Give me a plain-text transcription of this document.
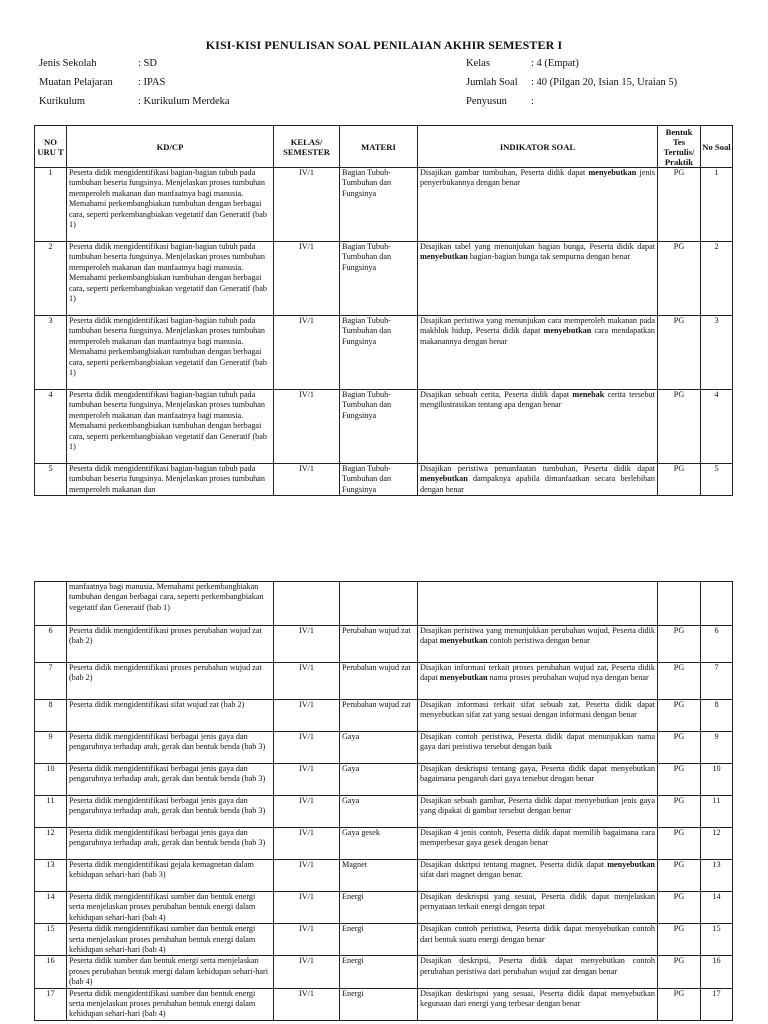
KISI-KISI PENULISAN SOAL PENILAIAN AKHIR SEMESTER I
Jenis Sekolah	: SD
Muatan Pelajaran : IPAS
Kurikulum	: Kurikulum Merdeka
Kelas	: 4 (Empat)
Jumlah Soal : 40 (Pilgan 20, Isian 15, Uraian 5)
Penyusun :
NO URU T	KD/CP	KELAS/ SEMESTER	MATERI	INDIKATOR SOAL	Bentuk Tes Tertulis/ Praktik	No Soal
1	Peserta didik mengidentifikasi bagian-bagian tubuh pada tumbuhan beserta fungsinya. Menjelaskan proses tumbuhan memperoleh makanan dan manfaatnya bagi manusia. Memahami perkembangbiakan tumbuhan dengan berbagai cara, seperti perkembangbiakan vegetatif dan Generatif (bab 1)	IV/1	Bagian Tubuh-Tumbuhan dan Fungsinya	Disajikan gambar tumbuhan, Peserta didik dapat menyebutkan jenis penyerbukannya dengan benar	PG	1
2	Peserta didik mengidentifikasi bagian-bagian tubuh pada tumbuhan beserta fungsinya. Menjelaskan proses tumbuhan memperoleh makanan dan manfaatnya bagi manusia. Memahami perkembangbiakan tumbuhan dengan berbagai cara, seperti perkembangbiakan vegetatif dan Generatif (bab 1)	IV/1	Bagian Tubuh-Tumbuhan dan Fungsinya	Disajikan tabel yang menunjukan bagian bunga, Peserta didik dapat menyebutkan bagian-bagian bunga tak sempurna dengan benar	PG	2
3	Peserta didik mengidentifikasi bagian-bagian tubuh pada tumbuhan beserta fungsinya. Menjelaskan proses tumbuhan memperoleh makanan dan manfaatnya bagi manusia. Memahami perkembangbiakan tumbuhan dengan berbagai cara, seperti perkembangbiakan vegetatif dan Generatif (bab 1)	IV/1	Bagian Tubuh-Tumbuhan dan Fungsinya	Disajikan peristiwa yang menunjukan cara memperoleh makanan pada makhluk hidup, Peserta didik dapat menyebutkan cara mendapatkan makanannya dengan benar	PG	3
4	Peserta didik mengidentifikasi bagian-bagian tubuh pada tumbuhan beserta fungsinya. Menjelaskan proses tumbuhan memperoleh makanan dan manfaatnya bagi manusia. Memahami perkembangbiakan tumbuhan dengan berbagai cara, seperti perkembangbiakan vegetatif dan Generatif (bab 1)	IV/1	Bagian Tubuh-Tumbuhan dan Fungsinya	Disajikan sebuah cerita, Peserta didik dapat menebak cerita tersebut mengilustrasikan tentang apa dengan benar	PG	4
5	Peserta didik mengidentifikasi bagian-bagian tubuh pada tumbuhan beserta fungsinya. Menjelaskan proses tumbuhan memperoleh makanan dan	IV/1	Bagian Tubuh-Tumbuhan dan Fungsinya	Disajikan peristiwa pemanfaatan tumbuhan, Peserta didik dapat menyebutkan dampaknya apabila dimanfaatkan secara berlebihan dengan benar	PG	5
	manfaatnya bagi manusia. Memahami perkembangbiakan tumbuhan dengan berbagai cara, seperti perkembangbiakan vegetatif dan Generatif (bab 1)					
6	Peserta didik mengidentifikasi proses perubahan wujud zat (bab 2)	IV/1	Perubahan wujud zat	Disajikan peristiwa yang menunjukkan perubahan wujud, Peserta didik dapat menyebutkan contoh peristiwa dengan benar	PG	6
7	Peserta didik mengidentifikasi proses perubahan wujud zat (bab 2)	IV/1	Perubahan wujud zat	Disajikan informasi terkait proses perubahan wujud zat, Peserta didik dapat menyebutkan nama proses perubahan wujud nya dengan benar	PG	7
8	Peserta didik mengidentifikasi sifat wujud zat (bab 2)	IV/1	Perubahan wujud zat	Disajikan informasi terkait sifat sebuah zat, Peserta didik dapat menyebutkan sifat zat yang sesuai dengan informasi dengan benar	PG	8
9	Peserta didik mengidentifikasi berbagai jenis gaya dan pengaruhnya terhadap arah, gerak dan bentuk benda (bab 3)	IV/1	Gaya	Disajikan contoh peristiwa, Peserta didik dapat menunjukkan nama gaya dari peristiwa tersebut dengan baik	PG	9
10	Peserta didik mengidentifikasi berbagai jenis gaya dan pengaruhnya terhadap arah, gerak dan bentuk benda (bab 3)	IV/1	Gaya	Disajikan deskrispsi tentang gaya, Peserta didik dapat menyebutkan bagaimana pengaruh dari gaya tersebut dengan benar	PG	10
11	Peserta didik mengidentifikasi berbagai jenis gaya dan pengaruhnya terhadap arah, gerak dan bentuk benda (bab 3)	IV/1	Gaya	Disajikan sebuah gambar, Peserta didik dapat menyebutkan jenis gaya yang dipakai di gambar tersebut dengan benar	PG	11
12	Peserta didik mengidentifikasi berbagai jenis gaya dan pengaruhnya terhadap arah, gerak dan bentuk benda (bab 3)	IV/1	Gaya gesek	Disajikan 4 jenis contoh, Peserta didik dapat memilih bagaimana cara memperbesar gaya gesek dengan benar	PG	12
13	Peserta didik mengidentifikasi gejala kemagnetan dalam kehidupan sehari-hari (bab 3)	IV/1	Magnet	Disajikan dskripsi tentang magnet, Peserta didik dapat menyebutkan sifat dari magnet dengan benar.	PG	13
14	Peserta didik mengidentifikasi sumber dan bentuk energi serta menjelaskan proses perubahan bentuk energi dalam kehidupan sehari-hari (bab 4)	IV/1	Energi	Disajikan deskrispsi yang sesuai, Peserta didik dapat menjelaskan pernyataan terkait energi dengan tepat	PG	14
15	Peserta didik mengidentifikasi sumber dan bentuk energi serta menjelaskan proses perubahan bentuk energi dalam kehidupan sehari-hari (bab 4)	IV/1	Energi	Disajikan contoh peristiwa, Peserta didik dapat menyebutkan contoh dari bentuk suatu energi dengan benar	PG	15
16	Peserta didik sumber dan bentuk energi serta menjelaskan proses perubahan bentuk energi dalam kehidupan sehari-hari (bab 4)	IV/1	Energi	Disajikan deskripsi, Peserta didik dapat menyebutkan contoh perubahan peristiwa dari perubahan wujud zat dengan benar	PG	16
17	Peserta didik mengidentifikasi sumber dan bentuk energi serta menjelaskan proses perubahan bentuk energi dalam kehidupan sehari-hari (bab 4)	IV/1	Energi	Disajikan deskrispsi yang sesuai, Peserta didik dapat menyebutkan kegunaan dari energi yang terbesar dengan benar	PG	17
